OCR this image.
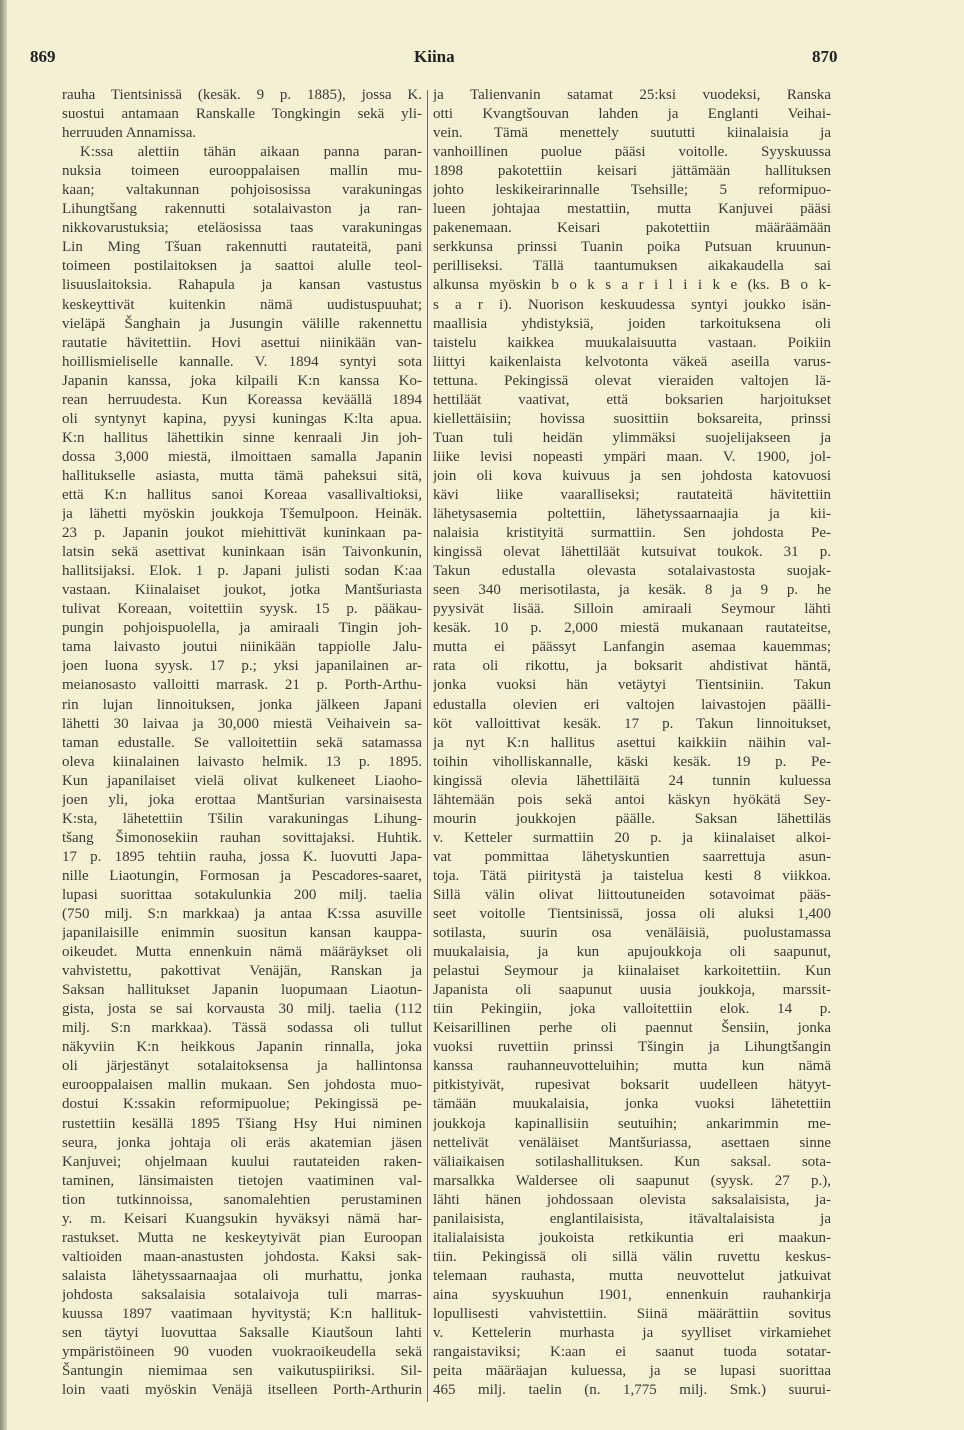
869	Kiina	870
rauha Tientsinissä (kesäk. 9 p. 1885), jossa K.
suostui antamaan Ranskalle Tongkingin sekä yli-
herruuden Annamissa.
K:ssa alettiin tähän aikaan panna paran-
nuksia toimeen eurooppalaisen mallin mu-
kaan; valtakunnan pohjoisosissa varakuningas
Lihungtšang rakennutti sotalaivaston ja ran-
nikkovarustuksia; eteläosissa taas varakuningas
Lin Ming Tšuan rakennutti rautateitä, pani
toimeen postilaitoksen ja saattoi alulle teol-
lisuuslaitoksia. Rahapula ja kansan vastustus
keskeyttivät kuitenkin nämä uudistuspuuhat;
vieläpä Šanghain ja Jusungin välille rakennettu
rautatie hävitettiin. Hovi asettui niinikään van-
hoillismieliselle kannalle. V. 1894 syntyi sota
Japanin kanssa, joka kilpaili K:n kanssa Ko-
rean herruudesta. Kun Koreassa keväällä 1894
oli syntynyt kapina, pyysi kuningas K:lta apua.
K:n hallitus lähettikin sinne kenraali Jin joh-
dossa 3,000 miestä, ilmoittaen samalla Japanin
hallitukselle asiasta, mutta tämä paheksui sitä,
että K:n hallitus sanoi Koreaa vasallivaltioksi,
ja lähetti myöskin joukkoja Tšemulpoon. Heinäk.
23 p. Japanin joukot miehittivät kuninkaan pa-
latsin sekä asettivat kuninkaan isän Taivonkunin,
hallitsijaksi. Elok. 1 p. Japani julisti sodan K:aa
vastaan. Kiinalaiset joukot, jotka Mantšuriasta
tulivat Koreaan, voitettiin syysk. 15 p. pääkau-
pungin pohjoispuolella, ja amiraali Tingin joh-
tama laivasto joutui niinikään tappiolle Jalu-
joen luona syysk. 17 p.; yksi japanilainen ar-
meianosasto valloitti marrask. 21 p. Porth-Arthu-
rin lujan linnoituksen, jonka jälkeen Japani
lähetti 30 laivaa ja 30,000 miestä Veihaivein sa-
taman edustalle. Se valloitettiin sekä satamassa
oleva kiinalainen laivasto helmik. 13 p. 1895.
Kun japanilaiset vielä olivat kulkeneet Liaoho-
joen yli, joka erottaa Mantšurian varsinaisesta
K:sta, lähetettiin Tšilin varakuningas Lihung-
tšang Šimonosekiin rauhan sovittajaksi. Huhtik.
17 p. 1895 tehtiin rauha, jossa K. luovutti Japa-
nille Liaotungin, Formosan ja Pescadores-saaret,
lupasi suorittaa sotakulunkia 200 milj. taelia
(750 milj. S:n markkaa) ja antaa K:ssa asuville
japanilaisille enimmin suositun kansan kauppa-
oikeudet. Mutta ennenkuin nämä määräykset oli
vahvistettu, pakottivat Venäjän, Ranskan ja
Saksan hallitukset Japanin luopumaan Liaotun-
gista, josta se sai korvausta 30 milj. taelia (112
milj. S:n markkaa). Tässä sodassa oli tullut
näkyviin K:n heikkous Japanin rinnalla, joka
oli järjestänyt sotalaitoksensa ja hallintonsa
eurooppalaisen mallin mukaan. Sen johdosta muo-
dostui K:ssakin reformipuolue; Pekingissä pe-
rustettiin kesällä 1895 Tšiang Hsy Hui niminen
seura, jonka johtaja oli eräs akatemian jäsen
Kanjuvei; ohjelmaan kuului rautateiden raken-
taminen, länsimaisten tietojen vaatiminen val-
tion tutkinnoissa, sanomalehtien perustaminen
y. m. Keisari Kuangsukin hyväksyi nämä har-
rastukset. Mutta ne keskeytyivät pian Euroopan
valtioiden maan-anastusten johdosta. Kaksi sak-
salaista lähetyssaarnaajaa oli murhattu, jonka
johdosta saksalaisia sotalaivoja tuli marras-
kuussa 1897 vaatimaan hyvitystä; K:n hallituk-
sen täytyi luovuttaa Saksalle Kiautšoun lahti
ympäristöineen 90 vuoden vuokraoikeudella sekä
Šantungin niemimaa sen vaikutuspiiriksi. Sil-
loin vaati myöskin Venäjä itselleen Porth-Arthurin
ja Talienvanin satamat 25:ksi vuodeksi, Ranska
otti Kvangtšouvan lahden ja Englanti Veihai-
vein. Tämä menettely suututti kiinalaisia ja
vanhoillinen puolue pääsi voitolle. Syyskuussa
1898 pakotettiin keisari jättämään hallituksen
johto leskikeirarinnalle Tsehsille; 5 reformipuo-
lueen johtajaa mestattiin, mutta Kanjuvei pääsi
pakenemaan. Keisari pakotettiin määräämään
serkkunsa prinssi Tuanin poika Putsuan kruunun-
perilliseksi. Tällä taantumuksen aikakaudella sai
alkunsa myöskin b o k s a r i l i i k e (ks. B o k-
s a r i). Nuorison keskuudessa syntyi joukko isän-
maallisia yhdistyksiä, joiden tarkoituksena oli
taistelu kaikkea muukalaisuutta vastaan. Poikiin
liittyi kaikenlaista kelvotonta väkeä aseilla varus-
tettuna. Pekingissä olevat vieraiden valtojen lä-
hettiläät vaativat, että boksarien harjoitukset
kiellettäisiin; hovissa suosittiin boksareita, prinssi
Tuan tuli heidän ylimmäksi suojelijakseen ja
liike levisi nopeasti ympäri maan. V. 1900, jol-
join oli kova kuivuus ja sen johdosta katovuosi
kävi liike vaaralliseksi; rautateitä hävitettiin
lähetysasemia poltettiin, lähetyssaarnaajia ja kii-
nalaisia kristityitä surmattiin. Sen johdosta Pe-
kingissä olevat lähettiläät kutsuivat toukok. 31 p.
Takun edustalla olevasta sotalaivastosta suojak-
seen 340 merisotilasta, ja kesäk. 8 ja 9 p. he
pyysivät lisää. Silloin amiraali Seymour lähti
kesäk. 10 p. 2,000 miestä mukanaan rautateitse,
mutta ei päässyt Lanfangin asemaa kauemmas;
rata oli rikottu, ja boksarit ahdistivat häntä,
jonka vuoksi hän vetäytyi Tientsiniin. Takun
edustalla olevien eri valtojen laivastojen päälli-
köt valloittivat kesäk. 17 p. Takun linnoitukset,
ja nyt K:n hallitus asettui kaikkiin näihin val-
toihin viholliskannalle, käski kesäk. 19 p. Pe-
kingissä olevia lähettiläitä 24 tunnin kuluessa
lähtemään pois sekä antoi käskyn hyökätä Sey-
mourin joukkojen päälle. Saksan lähettiläs
v. Ketteler surmattiin 20 p. ja kiinalaiset alkoi-
vat pommittaa lähetyskuntien saarrettuja asun-
toja. Tätä piiritystä ja taistelua kesti 8 viikkoa.
Sillä välin olivat liittoutuneiden sotavoimat pääs-
seet voitolle Tientsinissä, jossa oli aluksi 1,400
sotilasta, suurin osa venäläisiä, puolustamassa
muukalaisia, ja kun apujoukkoja oli saapunut,
pelastui Seymour ja kiinalaiset karkoitettiin. Kun
Japanista oli saapunut uusia joukkoja, marssit-
tiin Pekingiin, joka valloitettiin elok. 14 p.
Keisarillinen perhe oli paennut Šensiin, jonka
vuoksi ruvettiin prinssi Tšingin ja Lihungtšangin
kanssa rauhanneuvotteluihin; mutta kun nämä
pitkistyivät, rupesivat boksarit uudelleen hätyyt-
tämään muukalaisia, jonka vuoksi lähetettiin
joukkoja kapinallisiin seutuihin; ankarimmin me-
nettelivät venäläiset Mantšuriassa, asettaen sinne
väliaikaisen sotilashallituksen. Kun saksal. sota-
marsalkka Waldersee oli saapunut (syysk. 27 p.),
lähti hänen johdossaan olevista saksalaisista, ja-
panilaisista, englantilaisista, itävaltalaisista ja
italialaisista joukoista retkikuntia eri maakun-
tiin. Pekingissä oli sillä välin ruvettu keskus-
telemaan rauhasta, mutta neuvottelut jatkuivat
aina syyskuuhun 1901, ennenkuin rauhankirja
lopullisesti vahvistettiin. Siinä määrättiin sovitus
v. Kettelerin murhasta ja syylliset virkamiehet
rangaistaviksi; K:aan ei saanut tuoda sotatar-
peita määräajan kuluessa, ja se lupasi suorittaa
465 milj. taelin (n. 1,775 milj. Smk.) suurui-
